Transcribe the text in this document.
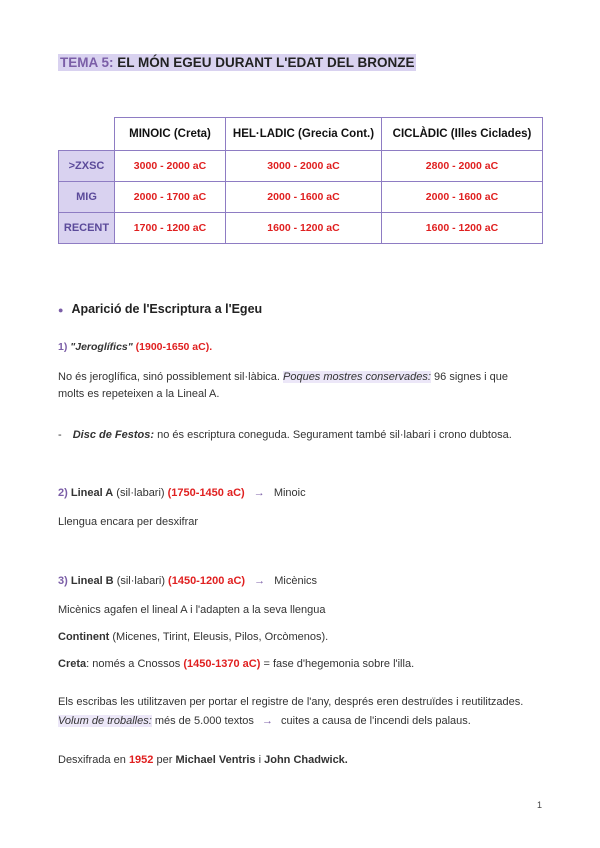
TEMA 5: EL MÓN EGEU DURANT L'EDAT DEL BRONZE
	MINOIC (Creta)	HEL·LADIC (Grecia Cont.)	CICLÀDIC (Illes Ciclades)
>ZXSC	3000 - 2000 aC	3000 - 2000 aC	2800 - 2000 aC
MIG	2000 - 1700 aC	2000 - 1600 aC	2000 - 1600 aC
RECENT	1700 - 1200 aC	1600 - 1200 aC	1600 - 1200 aC
● Aparició de l'Escriptura a l'Egeu
1) "Jeroglífics" (1900-1650 aC).
No és jeroglífica, sinó possiblement sil·làbica. Poques mostres conservades: 96 signes i que
molts es repeteixen a la Lineal A.
- Disc de Festos: no és escriptura coneguda. Segurament també sil·labari i crono dubtosa.
2) Lineal A (sil·labari) (1750-1450 aC) → Minoic
Llengua encara per desxifrar
3) Lineal B (sil·labari) (1450-1200 aC) → Micènics
Micènics agafen el lineal A i l'adapten a la seva llengua
Continent (Micenes, Tirint, Eleusis, Pilos, Orcòmenos).
Creta: només a Cnossos (1450-1370 aC) = fase d'hegemonia sobre l'illa.
Els escribas les utilitzaven per portar el registre de l'any, després eren destruïdes i reutilitzades.
Volum de troballes: més de 5.000 textos → cuites a causa de l'incendi dels palaus.
Desxifrada en 1952 per Michael Ventris i John Chadwick.
1
